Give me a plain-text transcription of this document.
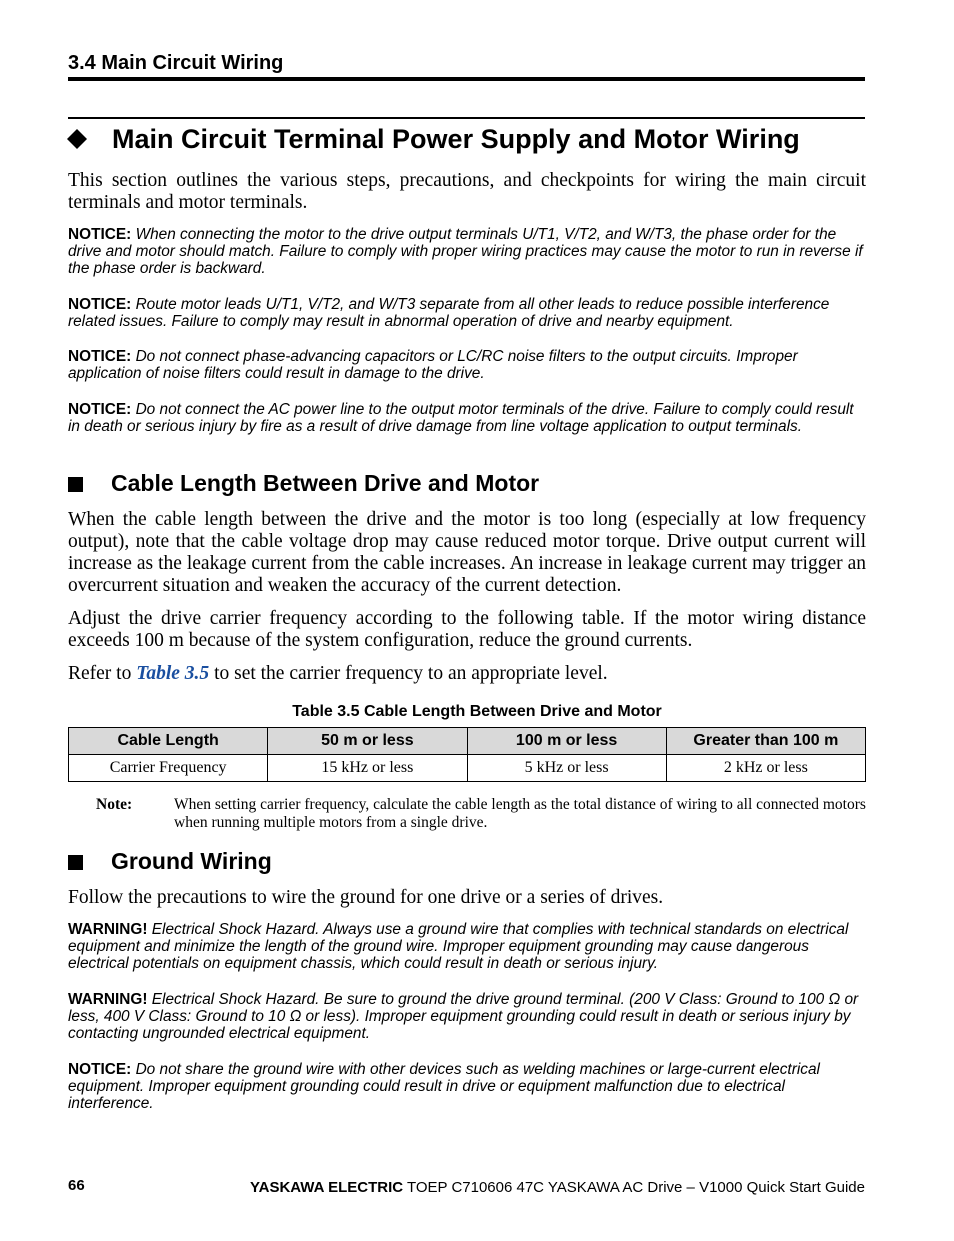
3.4 Main Circuit Wiring
Main Circuit Terminal Power Supply and Motor Wiring
This section outlines the various steps, precautions, and checkpoints for wiring the main circuit terminals and motor terminals.
NOTICE: When connecting the motor to the drive output terminals U/T1, V/T2, and W/T3, the phase order for the drive and motor should match. Failure to comply with proper wiring practices may cause the motor to run in reverse if the phase order is backward.
NOTICE: Route motor leads U/T1, V/T2, and W/T3 separate from all other leads to reduce possible interference related issues. Failure to comply may result in abnormal operation of drive and nearby equipment.
NOTICE: Do not connect phase-advancing capacitors or LC/RC noise filters to the output circuits. Improper application of noise filters could result in damage to the drive.
NOTICE: Do not connect the AC power line to the output motor terminals of the drive. Failure to comply could result in death or serious injury by fire as a result of drive damage from line voltage application to output terminals.
Cable Length Between Drive and Motor
When the cable length between the drive and the motor is too long (especially at low frequency output), note that the cable voltage drop may cause reduced motor torque. Drive output current will increase as the leakage current from the cable increases. An increase in leakage current may trigger an overcurrent situation and weaken the accuracy of the current detection.
Adjust the drive carrier frequency according to the following table. If the motor wiring distance exceeds 100 m because of the system configuration, reduce the ground currents.
Refer to Table 3.5 to set the carrier frequency to an appropriate level.
Table 3.5 Cable Length Between Drive and Motor
Cable Length	50 m or less	100 m or less	Greater than 100 m
Carrier Frequency	15 kHz or less	5 kHz or less	2 kHz or less
Note:	When setting carrier frequency, calculate the cable length as the total distance of wiring to all connected motors when running multiple motors from a single drive.
Ground Wiring
Follow the precautions to wire the ground for one drive or a series of drives.
WARNING! Electrical Shock Hazard. Always use a ground wire that complies with technical standards on electrical equipment and minimize the length of the ground wire. Improper equipment grounding may cause dangerous electrical potentials on equipment chassis, which could result in death or serious injury.
WARNING! Electrical Shock Hazard. Be sure to ground the drive ground terminal. (200 V Class: Ground to 100 Ω or less, 400 V Class: Ground to 10 Ω or less). Improper equipment grounding could result in death or serious injury by contacting ungrounded electrical equipment.
NOTICE: Do not share the ground wire with other devices such as welding machines or large-current electrical equipment. Improper equipment grounding could result in drive or equipment malfunction due to electrical interference.
66	YASKAWA ELECTRIC TOEP C710606 47C YASKAWA AC Drive – V1000 Quick Start Guide
